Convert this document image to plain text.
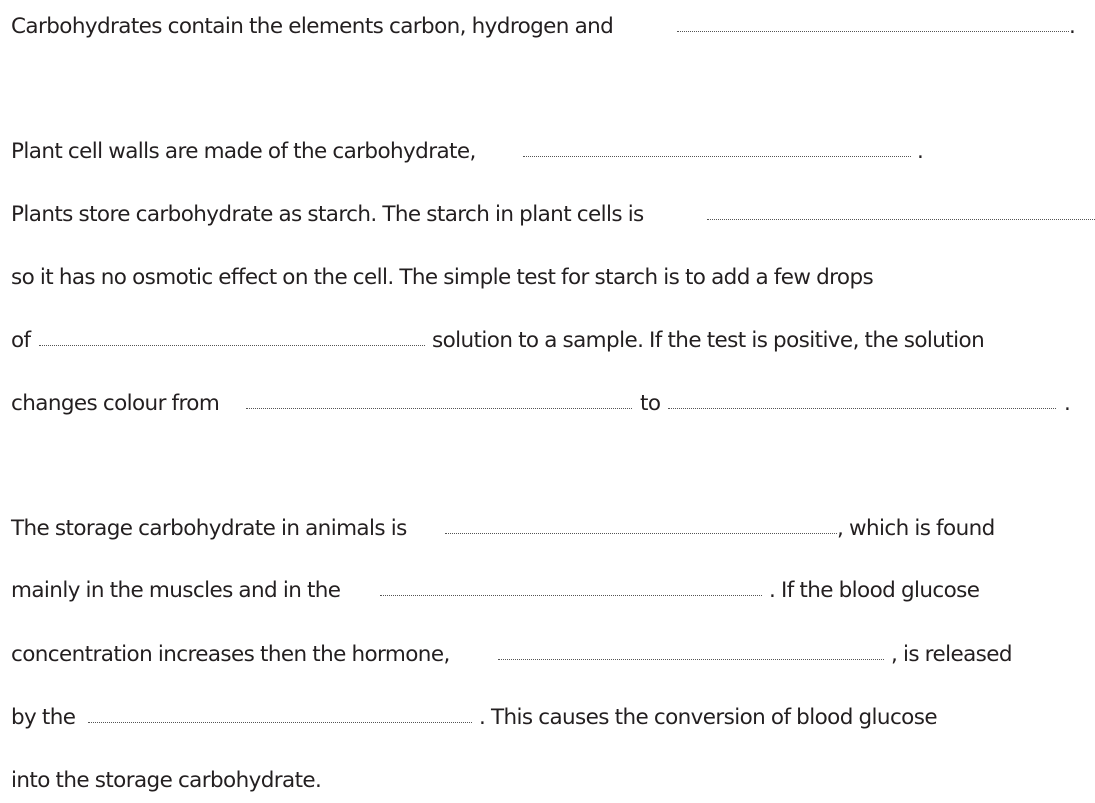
Carbohydrates contain the elements carbon, hydrogen and	.
Plant cell walls are made of the carbohydrate,	.
Plants store carbohydrate as starch. The starch in plant cells is
so it has no osmotic effect on the cell. The simple test for starch is to add a few drops
of	solution to a sample. If the test is positive, the solution
changes colour from	to	.
The storage carbohydrate in animals is	, which is found
mainly in the muscles and in the	. If the blood glucose
concentration increases then the hormone,	, is released
by the	. This causes the conversion of blood glucose
into the storage carbohydrate.
